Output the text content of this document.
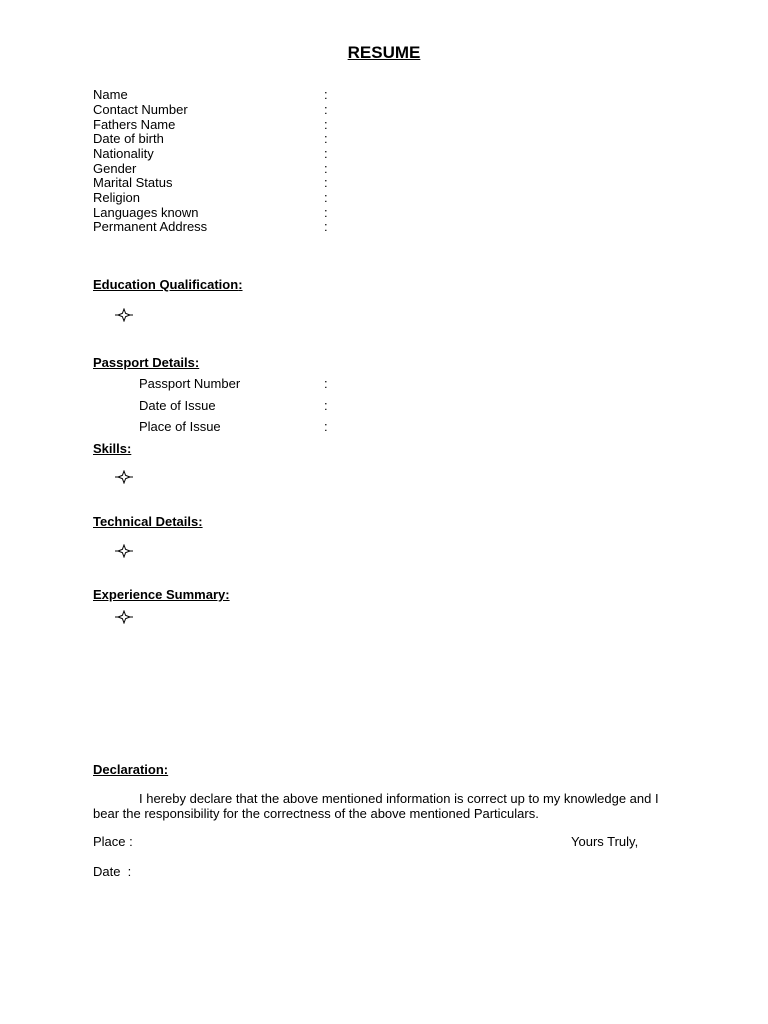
RESUME
Name	:
Contact Number	:
Fathers Name	:
Date of birth	:
Nationality	:
Gender	:
Marital Status	:
Religion	:
Languages known	:
Permanent Address	:
Education Qualification:
Passport Details:
Passport Number	:
Date of Issue	:
Place of Issue	:
Skills:
Technical Details:
Experience Summary:
Declaration:
I hereby declare that the above mentioned information is correct up to my knowledge and I
bear the responsibility for the correctness of the above mentioned Particulars.
Place :	Yours Truly,
Date  :
